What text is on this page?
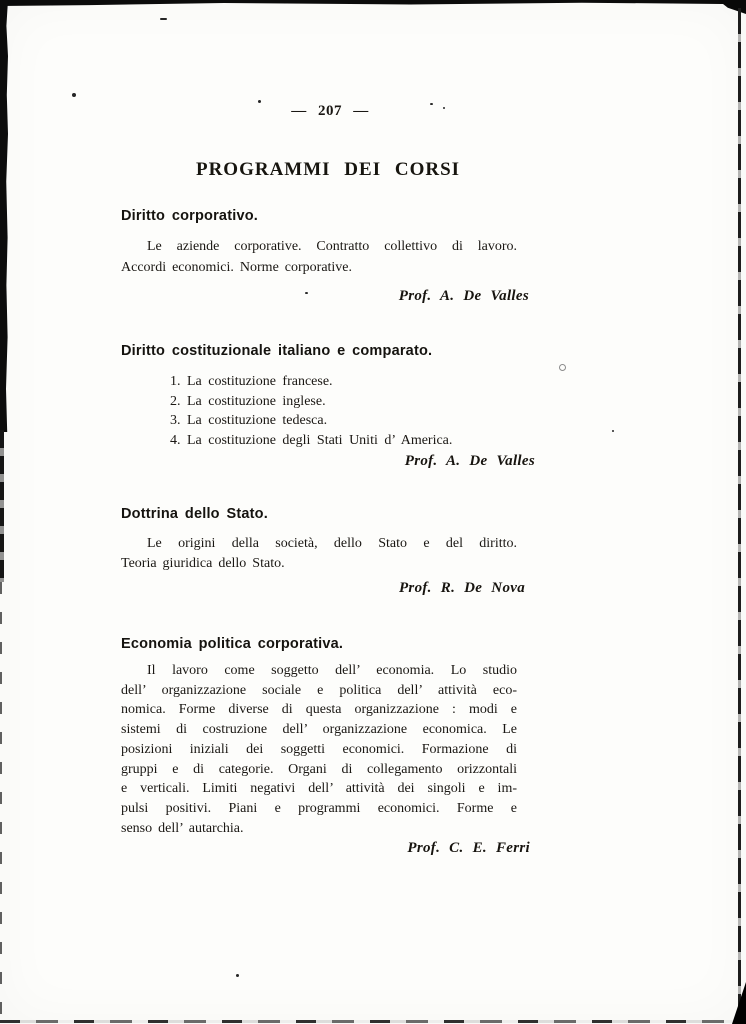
— 207 —
PROGRAMMI DEI CORSI
Diritto corporativo.
Le aziende corporative. Contratto collettivo di lavoro.
Accordi economici. Norme corporative.
Prof. A. De Valles
Diritto costituzionale italiano e comparato.
1. La costituzione francese.
2. La costituzione inglese.
3. La costituzione tedesca.
4. La costituzione degli Stati Uniti d’ America.
Prof. A. De Valles
Dottrina dello Stato.
Le origini della società, dello Stato e del diritto.
Teoria giuridica dello Stato.
Prof. R. De Nova
Economia politica corporativa.
Il lavoro come soggetto dell’ economia. Lo studio
dell’ organizzazione sociale e politica dell’ attività eco-
nomica. Forme diverse di questa organizzazione : modi e
sistemi di costruzione dell’ organizzazione economica. Le
posizioni iniziali dei soggetti economici. Formazione di
gruppi e di categorie. Organi di collegamento orizzontali
e verticali. Limiti negativi dell’ attività dei singoli e im-
pulsi positivi. Piani e programmi economici. Forme e
senso dell’ autarchia.
Prof. C. E. Ferri
